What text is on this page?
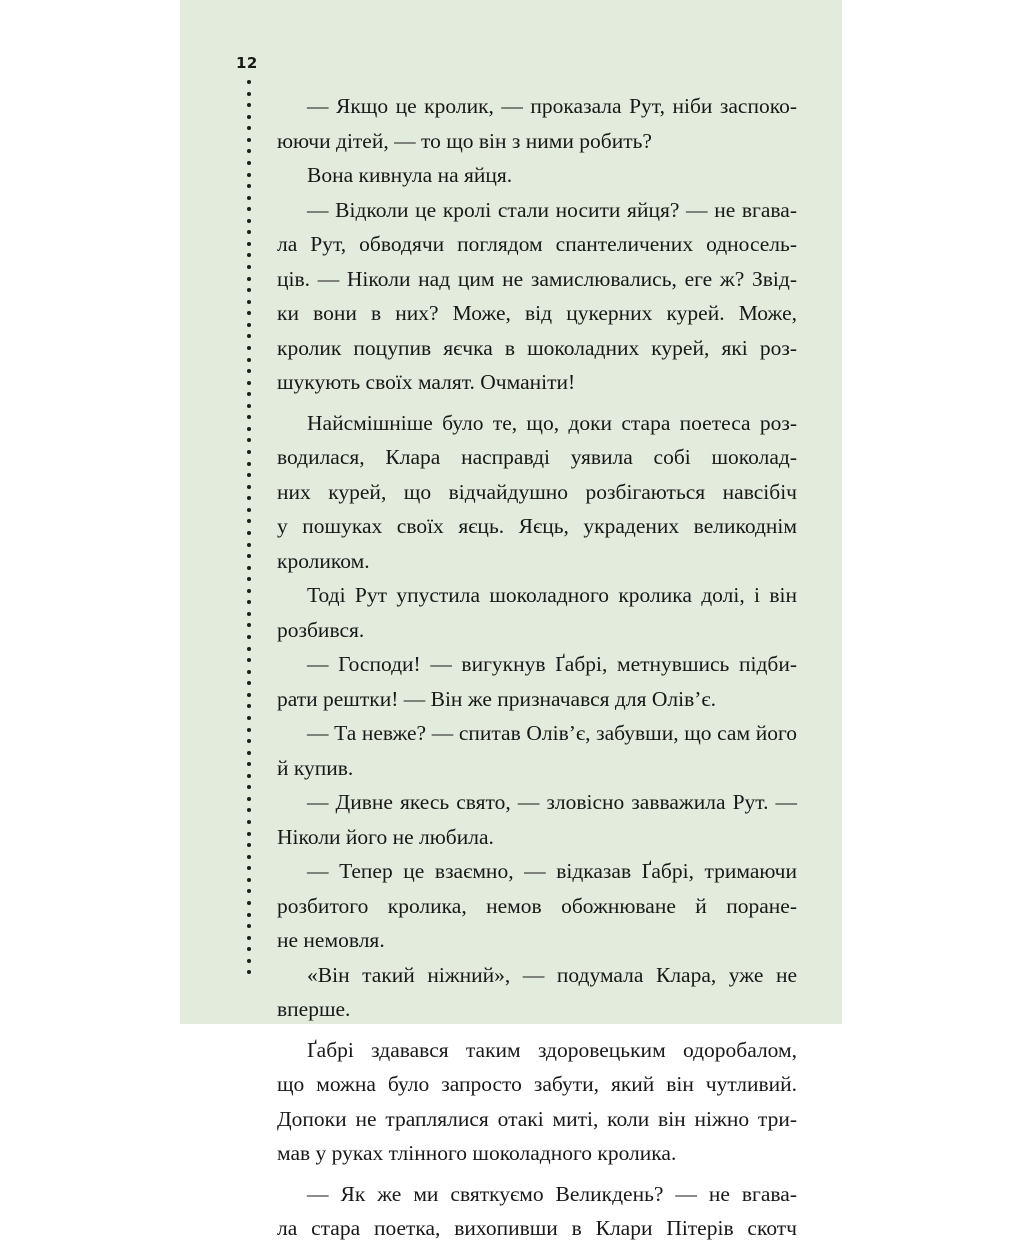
12
— Якщо це кролик, — проказала Рут, ніби заспоко-
юючи дітей, — то що він з ними робить?
Вона кивнула на яйця.
— Відколи це кролі стали носити яйця? — не вгава-
ла Рут, обводячи поглядом спантеличених односель-
ців. — Ніколи над цим не замислювались, еге ж? Звід-
ки вони в них? Може, від цукерних курей. Може,
кролик поцупив яєчка в шоколадних курей, які роз-
шукують своїх малят. Очманіти!
Найсмішніше було те, що, доки стара поетеса роз-
водилася, Клара насправді уявила собі шоколад-
них курей, що відчайдушно розбігаються навсібіч
у пошуках своїх яєць. Яєць, украдених великоднім
кроликом.
Тоді Рут упустила шоколадного кролика долі, і він
розбився.
— Господи! — вигукнув Ґабрі, метнувшись підби-
рати рештки! — Він же призначався для Олів’є.
— Та невже? — спитав Олів’є, забувши, що сам його
й купив.
— Дивне якесь свято, — зловісно завважила Рут. —
Ніколи його не любила.
— Тепер це взаємно, — відказав Ґабрі, тримаючи
розбитого кролика, немов обожнюване й поране-
не немовля.
«Він такий ніжний», — подумала Клара, уже не
вперше.
Ґабрі здавався таким здоровецьким одоробалом,
що можна було запросто забути, який він чутливий.
Допоки не траплялися отакі миті, коли він ніжно три-
мав у руках тлінного шоколадного кролика.
— Як же ми святкуємо Великдень? — не вгава-
ла стара поетка, вихопивши в Клари Пітерів скотч
